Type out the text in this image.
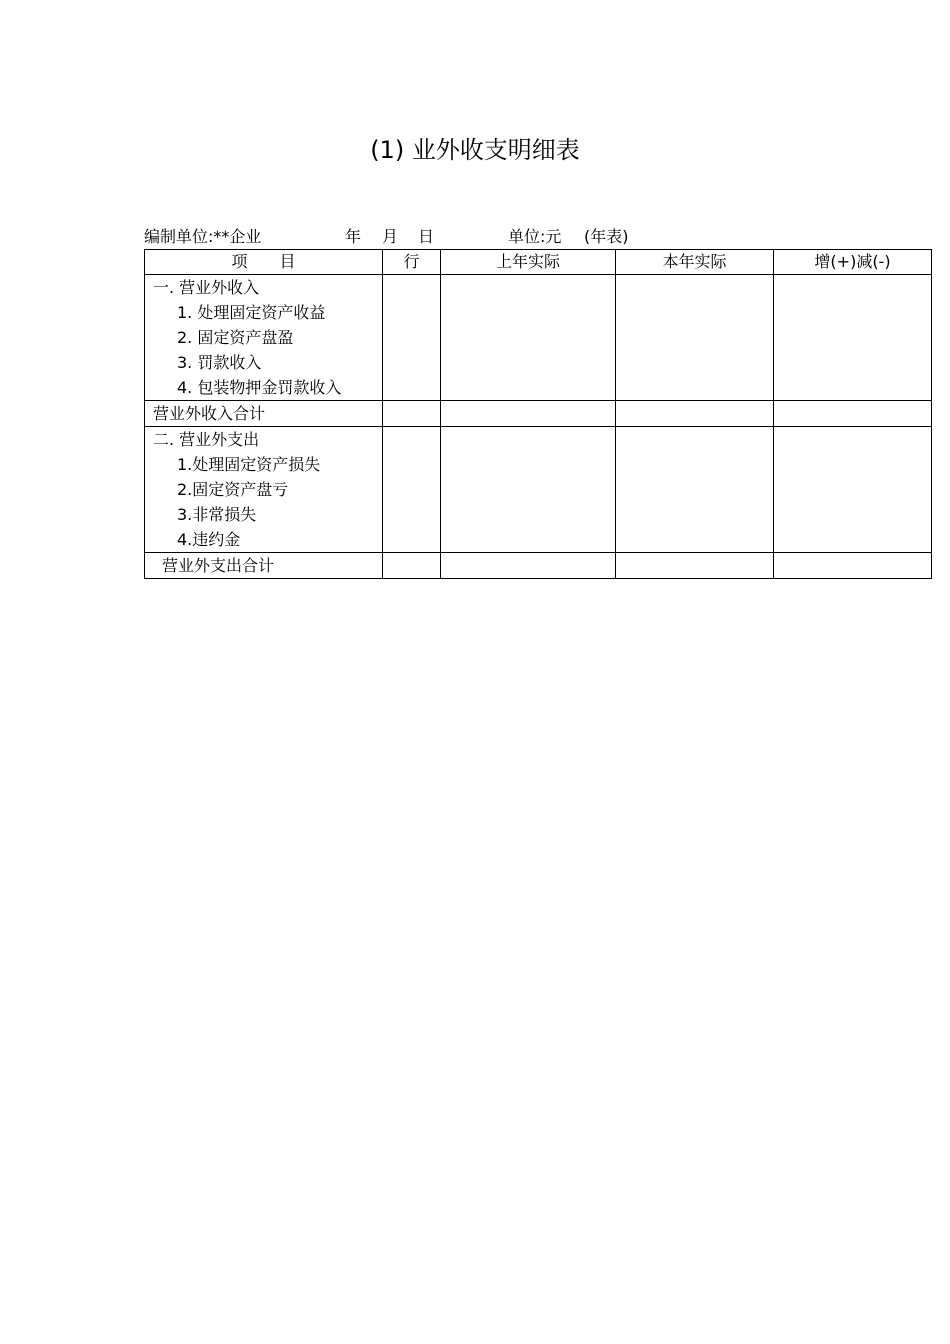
(1) 业外收支明细表
编制单位:**企业	年 月 日	单位:元 (年表)
项　　目	行	上年实际	本年实际	增(+)减(-)

一. 营业外收入
1. 处理固定资产收益
2. 固定资产盘盈
3. 罚款收入
4. 包装物押金罚款收入				

营业外收入合计				

二. 营业外支出
1.处理固定资产损失
2.固定资产盘亏
3.非常损失
4.违约金				

营业外支出合计				
